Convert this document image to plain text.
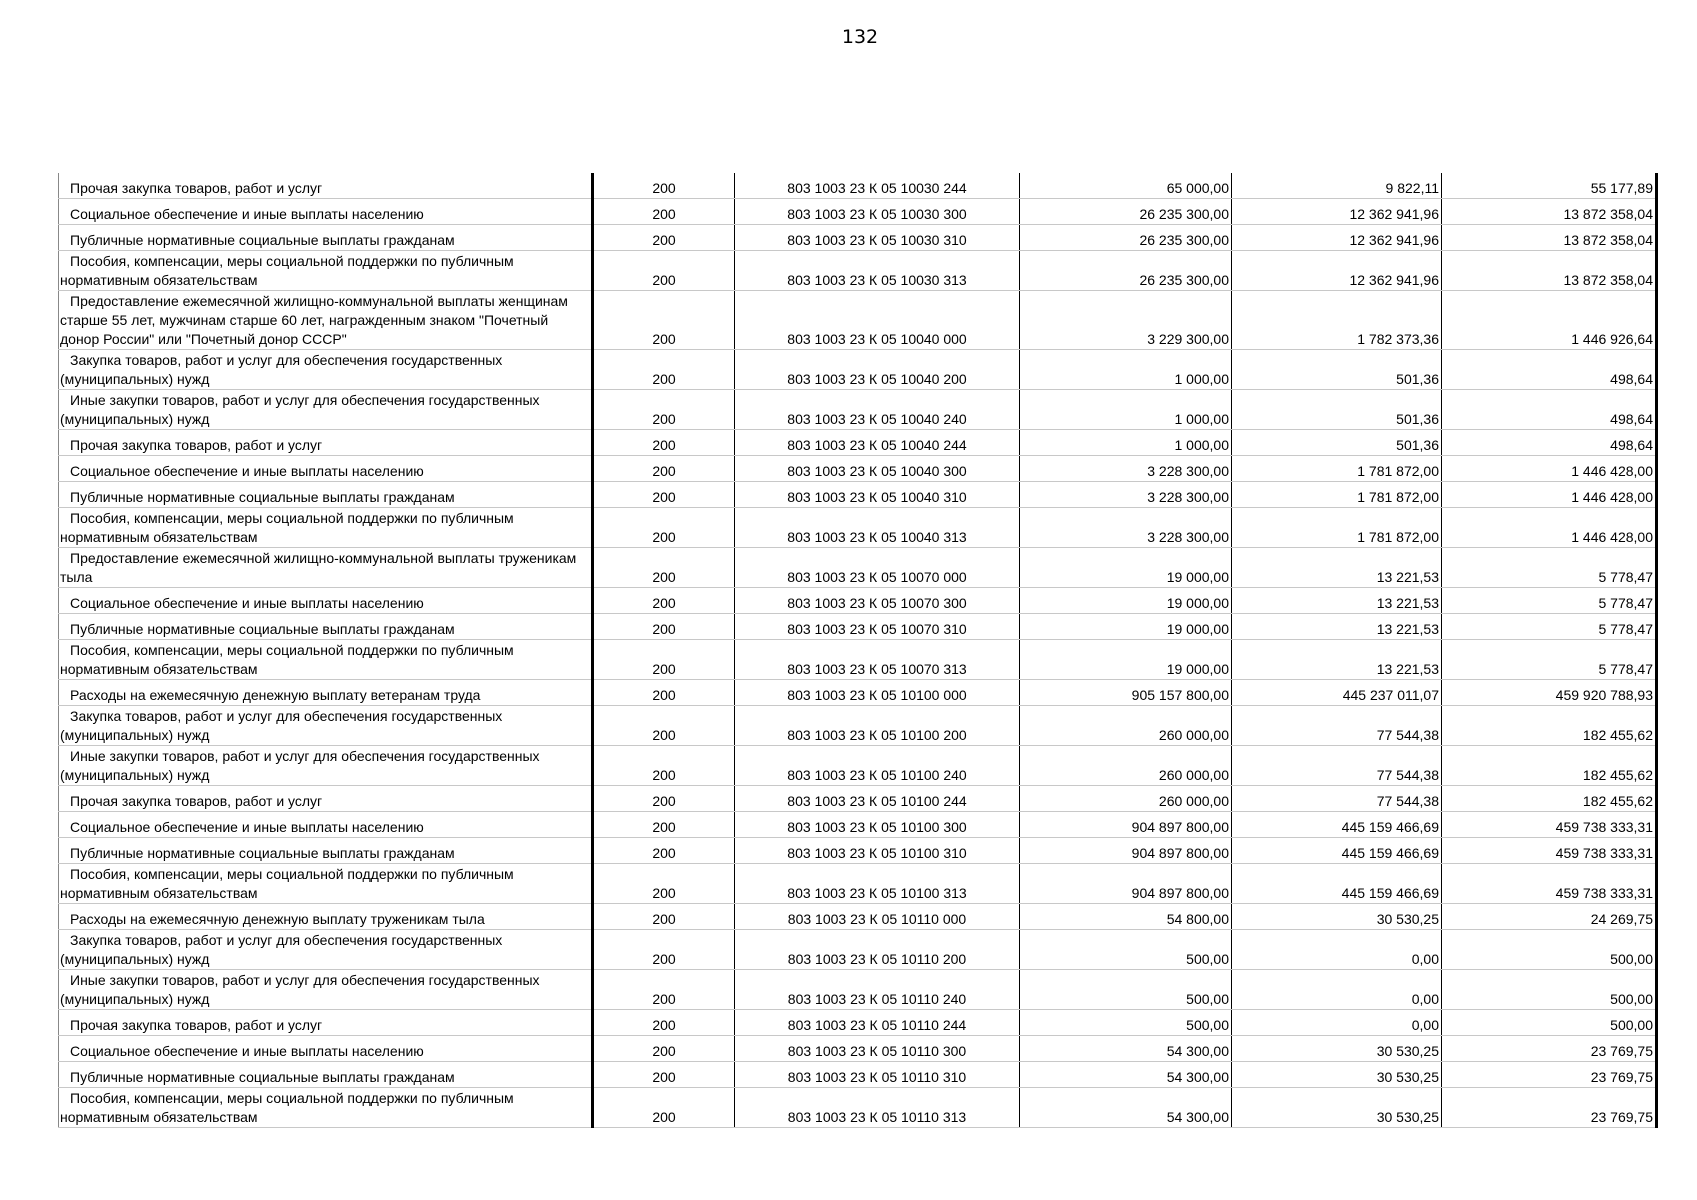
132
Прочая закупка товаров, работ и услуг	200	803 1003 23 К 05 10030 244	65 000,00	9 822,11	55 177,89
Социальное обеспечение и иные выплаты населению	200	803 1003 23 К 05 10030 300	26 235 300,00	12 362 941,96	13 872 358,04
Публичные нормативные социальные выплаты гражданам	200	803 1003 23 К 05 10030 310	26 235 300,00	12 362 941,96	13 872 358,04
Пособия, компенсации, меры социальной поддержки по публичным нормативным обязательствам	200	803 1003 23 К 05 10030 313	26 235 300,00	12 362 941,96	13 872 358,04
Предоставление ежемесячной жилищно-коммунальной выплаты женщинам старше 55 лет, мужчинам старше 60 лет, награжденным знаком "Почетный донор России" или "Почетный донор СССР"	200	803 1003 23 К 05 10040 000	3 229 300,00	1 782 373,36	1 446 926,64
Закупка товаров, работ и услуг для обеспечения государственных (муниципальных) нужд	200	803 1003 23 К 05 10040 200	1 000,00	501,36	498,64
Иные закупки товаров, работ и услуг для обеспечения государственных (муниципальных) нужд	200	803 1003 23 К 05 10040 240	1 000,00	501,36	498,64
Прочая закупка товаров, работ и услуг	200	803 1003 23 К 05 10040 244	1 000,00	501,36	498,64
Социальное обеспечение и иные выплаты населению	200	803 1003 23 К 05 10040 300	3 228 300,00	1 781 872,00	1 446 428,00
Публичные нормативные социальные выплаты гражданам	200	803 1003 23 К 05 10040 310	3 228 300,00	1 781 872,00	1 446 428,00
Пособия, компенсации, меры социальной поддержки по публичным нормативным обязательствам	200	803 1003 23 К 05 10040 313	3 228 300,00	1 781 872,00	1 446 428,00
Предоставление ежемесячной жилищно-коммунальной выплаты труженикам тыла	200	803 1003 23 К 05 10070 000	19 000,00	13 221,53	5 778,47
Социальное обеспечение и иные выплаты населению	200	803 1003 23 К 05 10070 300	19 000,00	13 221,53	5 778,47
Публичные нормативные социальные выплаты гражданам	200	803 1003 23 К 05 10070 310	19 000,00	13 221,53	5 778,47
Пособия, компенсации, меры социальной поддержки по публичным нормативным обязательствам	200	803 1003 23 К 05 10070 313	19 000,00	13 221,53	5 778,47
Расходы на ежемесячную денежную выплату ветеранам труда	200	803 1003 23 К 05 10100 000	905 157 800,00	445 237 011,07	459 920 788,93
Закупка товаров, работ и услуг для обеспечения государственных (муниципальных) нужд	200	803 1003 23 К 05 10100 200	260 000,00	77 544,38	182 455,62
Иные закупки товаров, работ и услуг для обеспечения государственных (муниципальных) нужд	200	803 1003 23 К 05 10100 240	260 000,00	77 544,38	182 455,62
Прочая закупка товаров, работ и услуг	200	803 1003 23 К 05 10100 244	260 000,00	77 544,38	182 455,62
Социальное обеспечение и иные выплаты населению	200	803 1003 23 К 05 10100 300	904 897 800,00	445 159 466,69	459 738 333,31
Публичные нормативные социальные выплаты гражданам	200	803 1003 23 К 05 10100 310	904 897 800,00	445 159 466,69	459 738 333,31
Пособия, компенсации, меры социальной поддержки по публичным нормативным обязательствам	200	803 1003 23 К 05 10100 313	904 897 800,00	445 159 466,69	459 738 333,31
Расходы на ежемесячную денежную выплату труженикам тыла	200	803 1003 23 К 05 10110 000	54 800,00	30 530,25	24 269,75
Закупка товаров, работ и услуг для обеспечения государственных (муниципальных) нужд	200	803 1003 23 К 05 10110 200	500,00	0,00	500,00
Иные закупки товаров, работ и услуг для обеспечения государственных (муниципальных) нужд	200	803 1003 23 К 05 10110 240	500,00	0,00	500,00
Прочая закупка товаров, работ и услуг	200	803 1003 23 К 05 10110 244	500,00	0,00	500,00
Социальное обеспечение и иные выплаты населению	200	803 1003 23 К 05 10110 300	54 300,00	30 530,25	23 769,75
Публичные нормативные социальные выплаты гражданам	200	803 1003 23 К 05 10110 310	54 300,00	30 530,25	23 769,75
Пособия, компенсации, меры социальной поддержки по публичным нормативным обязательствам	200	803 1003 23 К 05 10110 313	54 300,00	30 530,25	23 769,75
